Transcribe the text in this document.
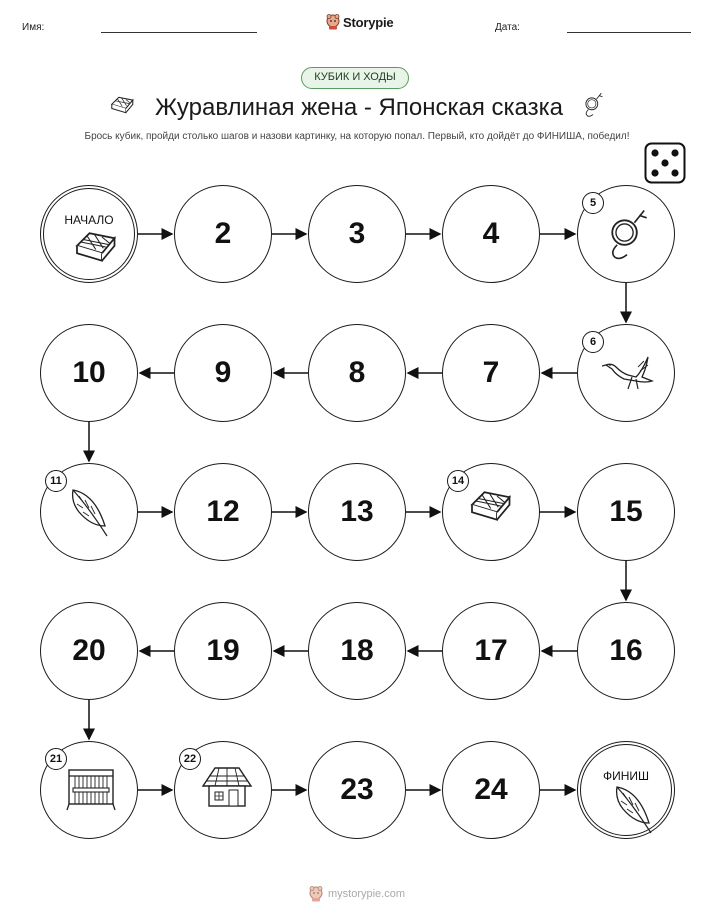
Имя:	Storypie	Дата:
КУБИК И ХОДЫ
Журавлиная жена - Японская сказка
Брось кубик, пройди столько шагов и назови картинку, на которую попал. Первый, кто дойдёт до ФИНИША, победил!
НАЧАЛО	2	3	4
5
6
7
8
9
10
11
12	13
14
15
16
17
18
19
20
21	22
23	24	ФИНИШ
mystorypie.com
